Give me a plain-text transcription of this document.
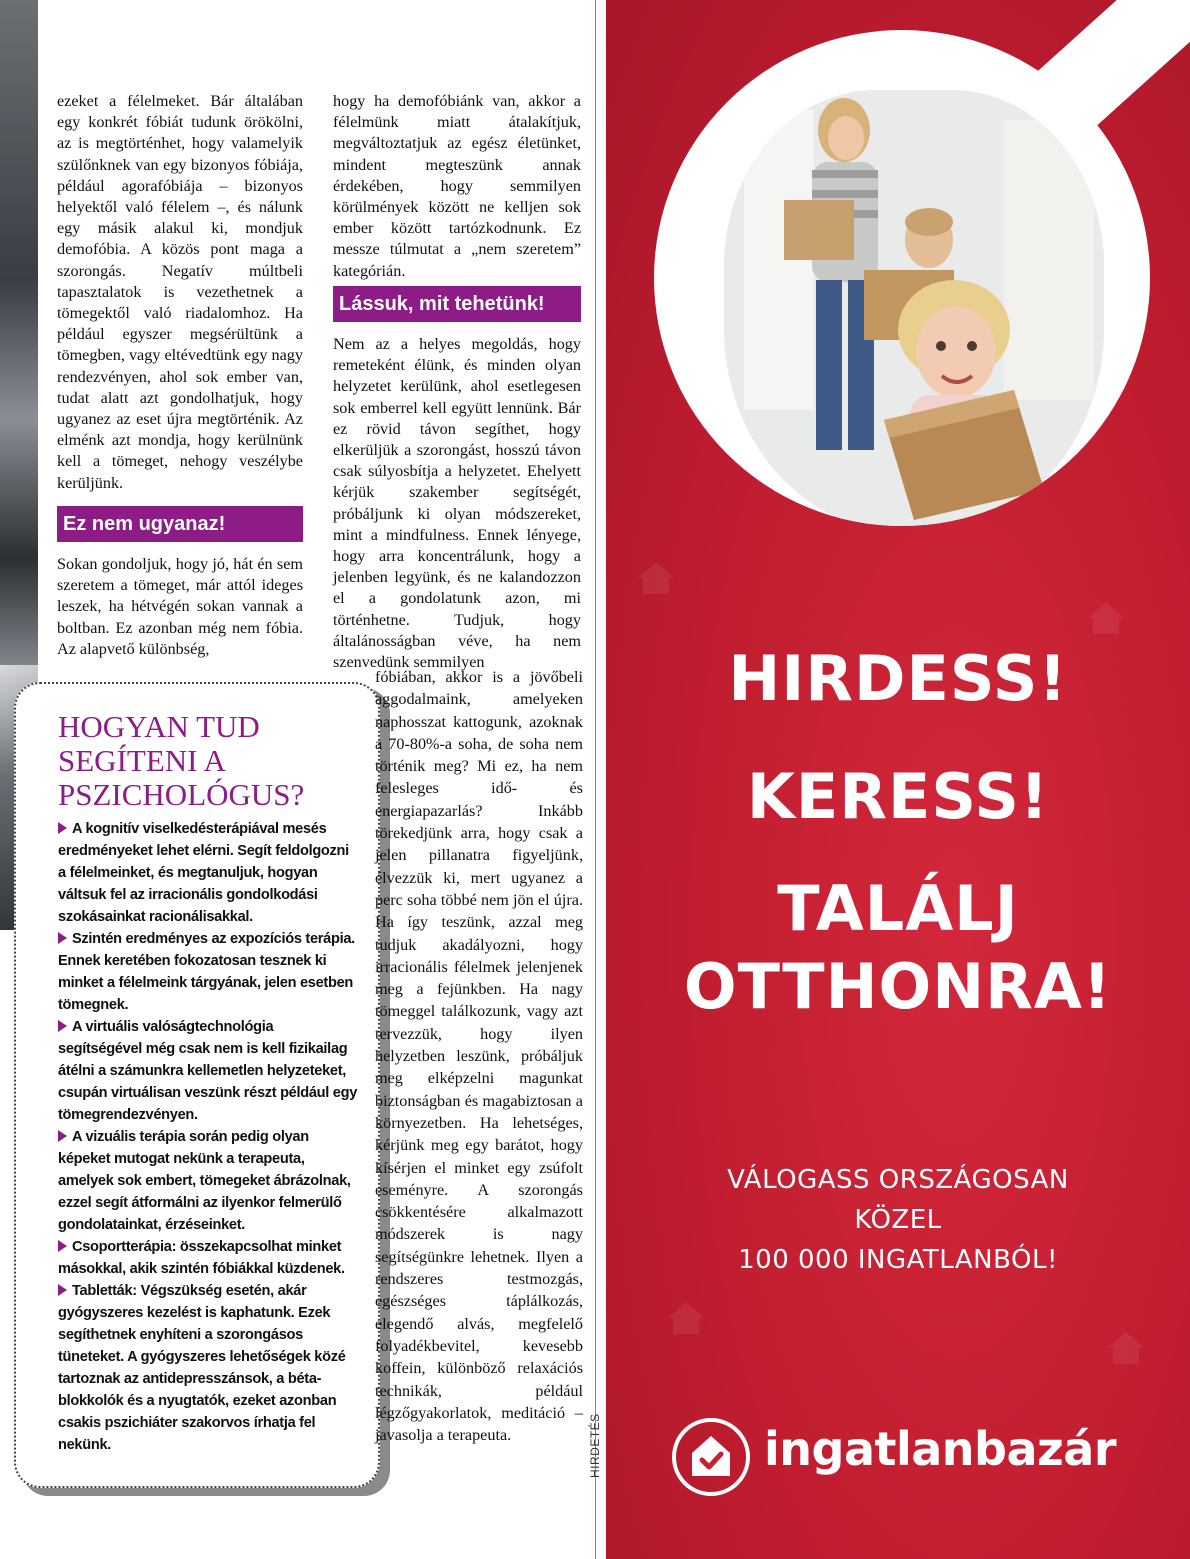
ezeket a félelmeket. Bár általában egy konkrét fóbiát tudunk örökölni, az is megtörténhet, hogy valamelyik szülőnknek van egy bizonyos fóbiája, például agorafóbiája – bizonyos helyektől való félelem –, és nálunk egy másik alakul ki, mondjuk demofóbia. A közös pont maga a szorongás. Negatív múltbeli tapasztalatok is vezethetnek a tömegektől való riadalomhoz. Ha például egyszer megsérültünk a tömegben, vagy eltévedtünk egy nagy rendezvényen, ahol sok ember van, tudat alatt azt gondolhatjuk, hogy ugyanez az eset újra megtörténik. Az elménk azt mondja, hogy kerülnünk kell a tömeget, nehogy veszélybe kerüljünk.

Ez nem ugyanaz!

Sokan gondoljuk, hogy jó, hát én sem szeretem a tömeget, már attól ideges leszek, ha hétvégén sokan vannak a boltban. Ez azonban még nem fóbia. Az alapvető különbség,

hogy ha demofóbiánk van, akkor a félelmünk miatt átalakítjuk, megváltoztatjuk az egész életünket, mindent megteszünk annak érdekében, hogy semmilyen körülmények között ne kelljen sok ember között tartózkodnunk. Ez messze túlmutat a „nem szeretem” kategórián.

Lássuk, mit tehetünk!

Nem az a helyes megoldás, hogy remeteként élünk, és minden olyan helyzetet kerülünk, ahol esetlegesen sok emberrel kell együtt lennünk. Bár ez rövid távon segíthet, hogy elkerüljük a szorongást, hosszú távon csak súlyosbítja a helyzetet. Ehelyett kérjük szakember segítségét, próbáljunk ki olyan módszereket, mint a mindfulness. Ennek lényege, hogy arra koncentrálunk, hogy a jelenben legyünk, és ne kalandozzon el a gondolatunk azon, mi történhetne. Tudjuk, hogy általánosságban véve, ha nem szenvedünk semmilyen

HOGYAN TUD
SEGÍTENI A
PSZICHOLÓGUS?

A kognitív viselkedésterápiával mesés eredményeket lehet elérni. Segít feldolgozni a félelmeinket, és megtanuljuk, hogyan váltsuk fel az irracionális gondolkodási szokásainkat racionálisakkal.

Szintén eredményes az expozíciós terápia. Ennek keretében fokozatosan tesznek ki minket a félelmeink tárgyának, jelen esetben tömegnek.

A virtuális valóságtechnológia segítségével még csak nem is kell fizikailag átélni a számunkra kellemetlen helyzeteket, csupán virtuálisan veszünk részt például egy tömegrendezvényen.

A vizuális terápia során pedig olyan képeket mutogat nekünk a terapeuta, amelyek sok embert, tömegeket ábrázolnak, ezzel segít átformálni az ilyenkor felmerülő gondolatainkat, érzéseinket.

Csoportterápia: összekapcsolhat minket másokkal, akik szintén fóbiákkal küzdenek.

Tabletták: Végszükség esetén, akár gyógyszeres kezelést is kaphatunk. Ezek segíthetnek enyhíteni a szorongásos tüneteket. A gyógyszeres lehetőségek közé tartoznak az antidepresszánsok, a béta-blokkolók és a nyugtatók, ezeket azonban csakis pszichiáter szakorvos írhatja fel nekünk.

fóbiában, akkor is a jövőbeli aggodalmaink, amelyeken naphosszat kattogunk, azoknak a 70-80%-a soha, de soha nem történik meg? Mi ez, ha nem felesleges idő- és energiapazarlás? Inkább törekedjünk arra, hogy csak a jelen pillanatra figyeljünk, élvezzük ki, mert ugyanez a perc soha többé nem jön el újra. Ha így teszünk, azzal meg tudjuk akadályozni, hogy irracionális félelmek jelenjenek meg a fejünkben. Ha nagy tömeggel találkozunk, vagy azt tervezzük, hogy ilyen helyzetben leszünk, próbáljuk meg elképzelni magunkat biztonságban és magabiztosan a környezetben. Ha lehetséges, kérjünk meg egy barátot, hogy kísérjen el minket egy zsúfolt eseményre. A szorongás csökkentésére alkalmazott módszerek is nagy segítségünkre lehetnek. Ilyen a rendszeres testmozgás, egészséges táplálkozás, elegendő alvás, megfelelő folyadékbevitel, kevesebb koffein, különböző relaxációs technikák, például légzőgyakorlatok, meditáció – javasolja a terapeuta.	HIRDETÉS
HIRDESS!
KERESS!
TALÁLJ
OTTHONRA!
VÁLOGASS ORSZÁGOSAN
KÖZEL
100 000 INGATLANBÓL!
ingatlanbazár
